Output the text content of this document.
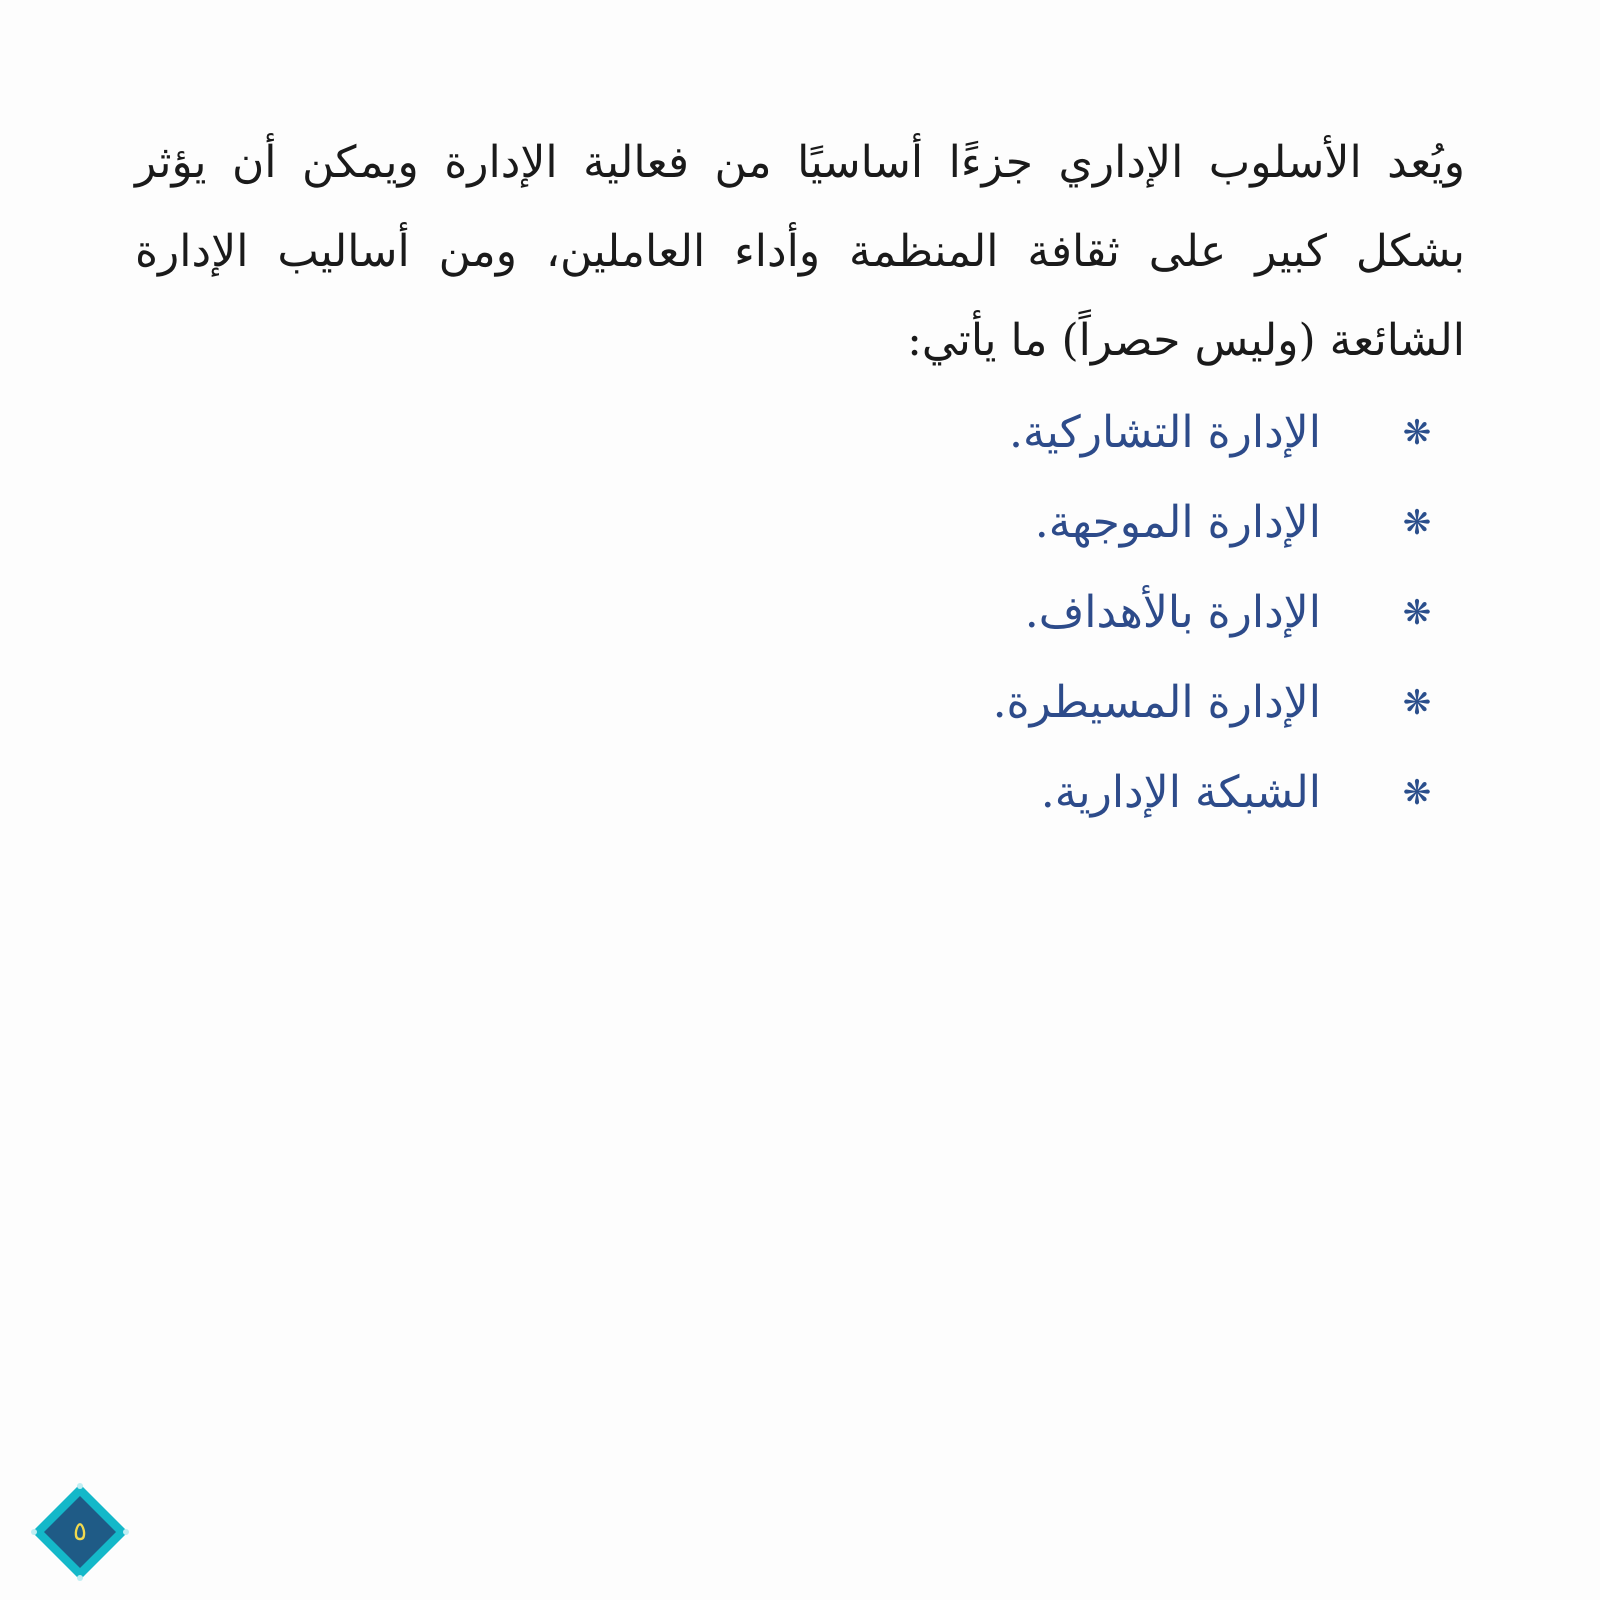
ويُعد الأسلوب الإداري جزءًا أساسيًا من فعالية الإدارة ويمكن أن يؤثر بشكل كبير على ثقافة المنظمة وأداء العاملين، ومن أساليب الإدارة الشائعة (وليس حصراً) ما يأتي:

❋
الإدارة التشاركية.
❋
الإدارة الموجهة.
❋
الإدارة بالأهداف.
❋
الإدارة المسيطرة.
❋
الشبكة الإدارية.
٥
